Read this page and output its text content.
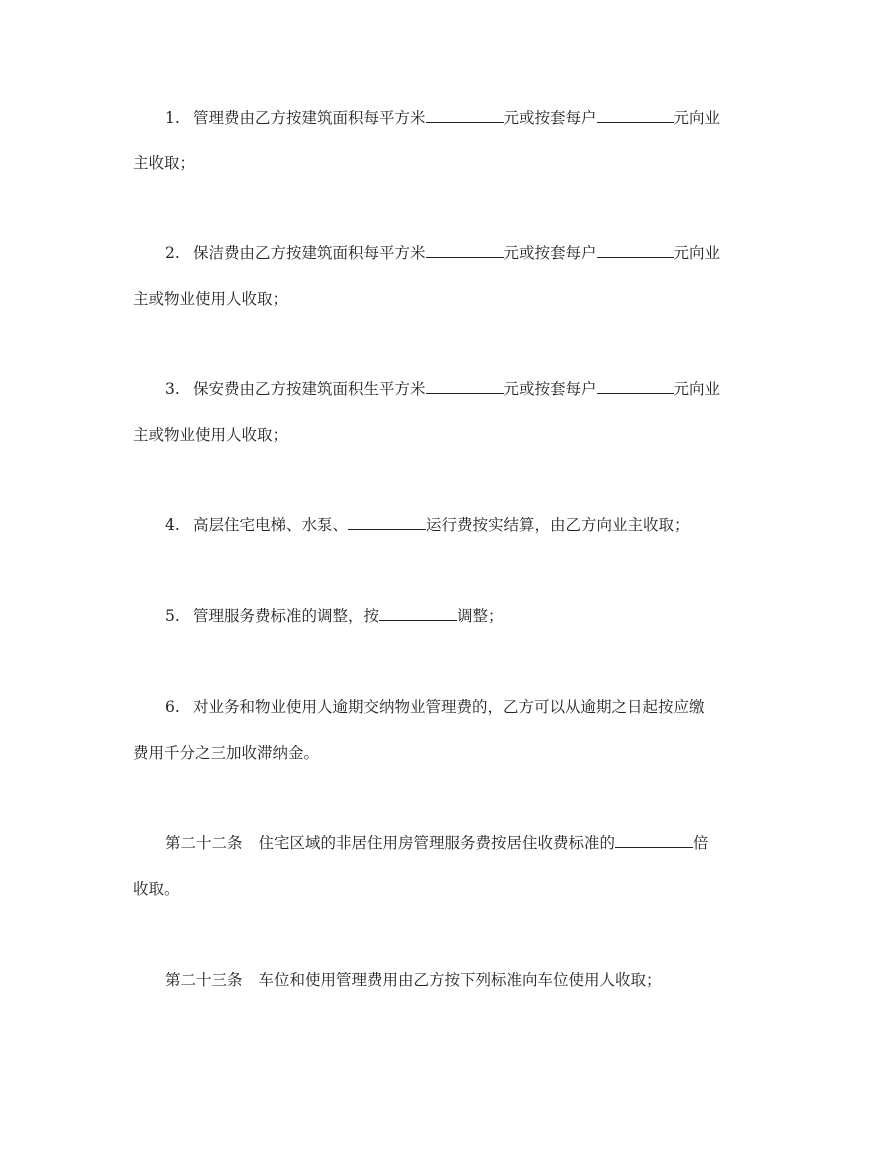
1. 管理费由乙方按建筑面积每平方米	元或按套每户	元向业

主收取；

2. 保洁费由乙方按建筑面积每平方米	元或按套每户	元向业

主或物业使用人收取；

3. 保安费由乙方按建筑面积生平方米	元或按套每户	元向业

主或物业使用人收取；

4. 高层住宅电梯、水泵、	运行费按实结算，由乙方向业主收取；

5. 管理服务费标准的调整，按	调整；

6. 对业务和物业使用人逾期交纳物业管理费的，乙方可以从逾期之日起按应缴

费用千分之三加收滞纳金。

第二十二条 住宅区域的非居住用房管理服务费按居住收费标准的	倍

收取。

第二十三条 车位和使用管理费用由乙方按下列标准向车位使用人收取；
